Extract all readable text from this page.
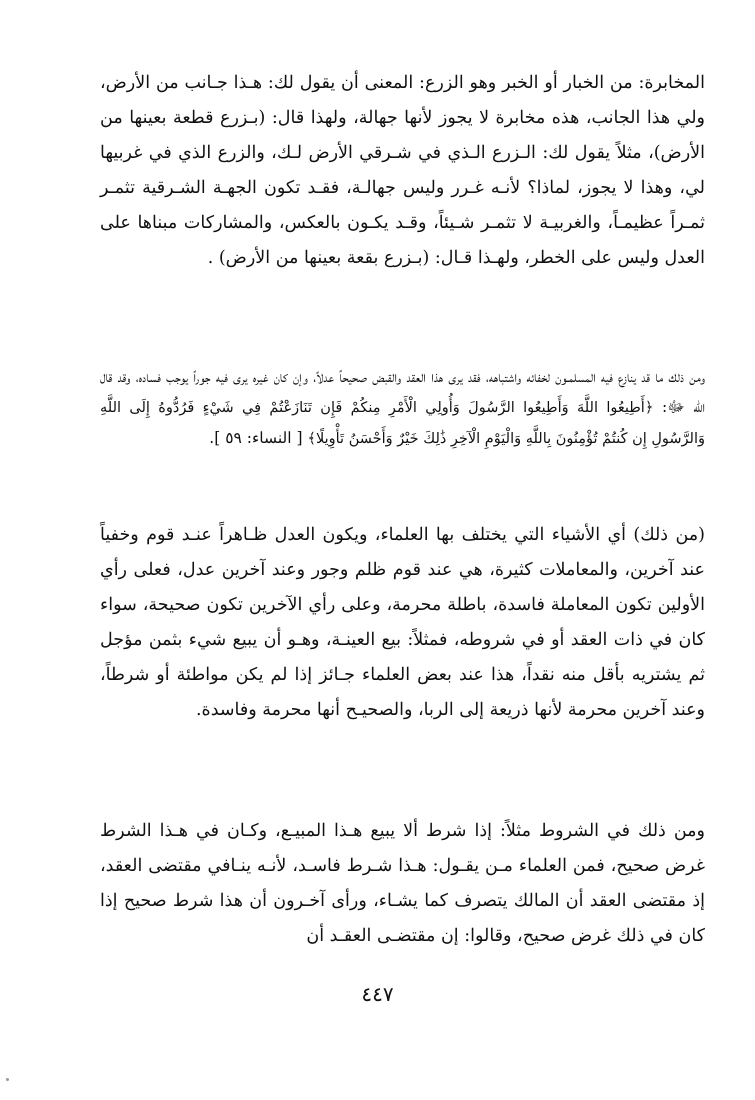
المخابرة: من الخبار أو الخبر وهو الزرع: المعنى أن يقول لك: هـذا جـانب من الأرض، ولي هذا الجانب، هذه مخابرة لا يجوز لأنها جهالة، ولهذا قال: (بـزرع قطعة بعينها من الأرض)، مثلاً يقول لك: الـزرع الـذي في شـرقي الأرض لـك، والزرع الذي في غربيها لي، وهذا لا يجوز، لماذا؟ لأنـه غـرر وليس جهالـة، فقـد تكون الجهـة الشـرقية تثمـر ثمـراً عظيمـاً، والغربيـة لا تثمـر شـيئاً، وقـد يكـون بالعكس، والمشاركات مبناها على العدل وليس على الخطر، ولهـذا قـال: (بـزرع بقعة بعينها من الأرض) .

ومن ذلك ما قد ينازع فيه المسلمـون لخفائه واشتباهه، فقد يرى هذا العقد والقبض صحيحاً عدلاً، وإن كان غيره يرى فيه جوراً يوجب فساده، وقد قال الله ﷻ: ﴿أَطِيعُوا اللَّهَ وَأَطِيعُوا الرَّسُولَ وَأُولِي الْأَمْرِ مِنكُمْ فَإِن تَنَازَعْتُمْ فِي شَيْءٍ فَرُدُّوهُ إِلَى اللَّهِ وَالرَّسُولِ إِن كُنتُمْ تُؤْمِنُونَ بِاللَّهِ وَالْيَوْمِ الْآخِرِ ذَٰلِكَ خَيْرٌ وَأَحْسَنُ تَأْوِيلًا﴾ [ النساء: ٥٩ ].

(من ذلك) أي الأشياء التي يختلف بها العلماء، ويكون العدل ظـاهراً عنـد قوم وخفياً عند آخرين، والمعاملات كثيرة، هي عند قوم ظلم وجور وعند آخرين عدل، فعلى رأي الأولين تكون المعاملة فاسدة، باطلة محرمة، وعلى رأي الآخرين تكون صحيحة، سواء كان في ذات العقد أو في شروطه، فمثلاً: بيع العينـة، وهـو أن يبيع شيء بثمن مؤجل ثم يشتريه بأقل منه نقداً، هذا عند بعض العلماء جـائز إذا لم يكن مواطئة أو شرطاً، وعند آخرين محرمة لأنها ذريعة إلى الربا، والصحيـح أنها محرمة وفاسدة.

ومن ذلك في الشروط مثلاً: إذا شرط ألا يبيع هـذا المبيـع، وكـان في هـذا الشرط غرض صحيح، فمن العلماء مـن يقـول: هـذا شـرط فاسـد، لأنـه ينـافي مقتضى العقد، إذ مقتضى العقد أن المالك يتصرف كما يشـاء، ورأى آخـرون أن هذا شرط صحيح إذا كان في ذلك غرض صحيح، وقالوا: إن مقتضـى العقـد أن

٤٤٧
